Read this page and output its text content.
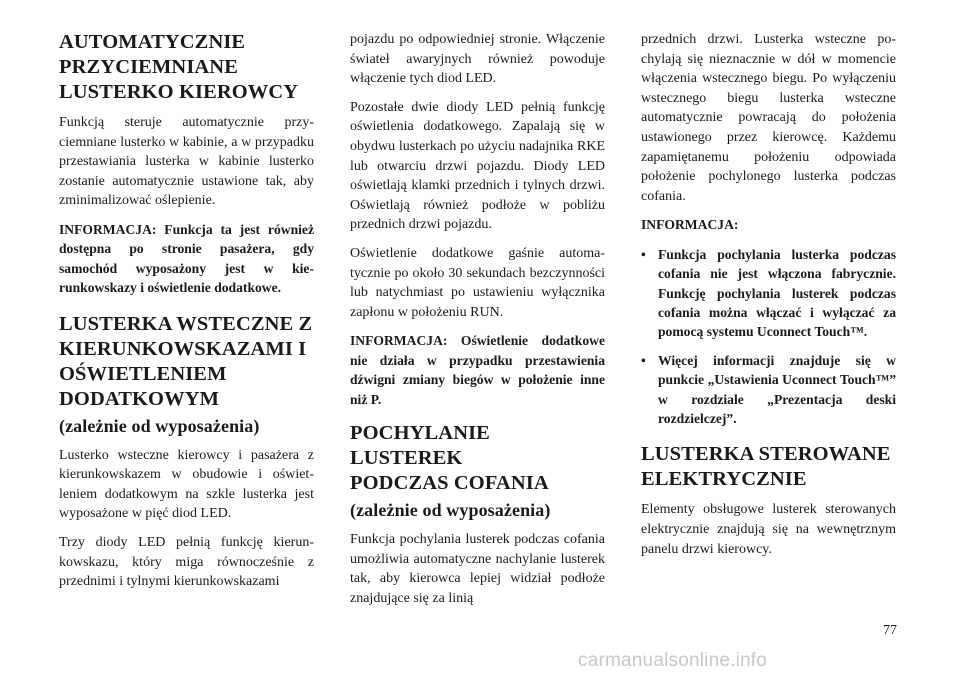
AUTOMATYCZNIE
PRZYCIEMNIANE
LUSTERKO KIEROWCY

Funkcją steruje automatycznie przyciemniane lusterko w kabinie, a w przypadku przestawiania lusterka w kabinie lusterko zostanie automatycznie ustawione tak, aby zminimalizować oślepienie.

INFORMACJA: Funkcja ta jest również dostępna po stronie pasażera, gdy samochód wyposażony jest w kierunkowskazy i oświetlenie dodatkowe.

LUSTERKA WSTECZNE Z
KIERUNKOWSKAZAMI I
OŚWIETLENIEM
DODATKOWYM
(zależnie od wyposażenia)

Lusterko wsteczne kierowcy i pasażera z kierunkowskazem w obudowie i oświetleniem dodatkowym na szkle lusterka jest wyposażone w pięć diod LED.

Trzy diody LED pełnią funkcję kierunkowskazu, który miga równocześnie z przednimi i tylnymi kierunkowskazami

pojazdu po odpowiedniej stronie. Włączenie świateł awaryjnych również powoduje włączenie tych diod LED.

Pozostałe dwie diody LED pełnią funkcję oświetlenia dodatkowego. Zapalają się w obydwu lusterkach po użyciu nadajnika RKE lub otwarciu drzwi pojazdu. Diody LED oświetlają klamki przednich i tylnych drzwi. Oświetlają również podłoże w pobliżu przednich drzwi pojazdu.

Oświetlenie dodatkowe gaśnie automatycznie po około 30 sekundach bezczynności lub natychmiast po ustawieniu wyłącznika zapłonu w położeniu RUN.

INFORMACJA: Oświetlenie dodatkowe nie działa w przypadku przestawienia dźwigni zmiany biegów w położenie inne niż P.

POCHYLANIE LUSTEREK
PODCZAS COFANIA
(zależnie od wyposażenia)

Funkcja pochylania lusterek podczas cofania umożliwia automatyczne nachylanie lusterek tak, aby kierowca lepiej widział podłoże znajdujące się za linią

przednich drzwi. Lusterka wsteczne pochylają się nieznacznie w dół w momencie włączenia wstecznego biegu. Po wyłączeniu wstecznego biegu lusterka wsteczne automatycznie powracają do położenia ustawionego przez kierowcę. Każdemu zapamiętanemu położeniu odpowiada położenie pochylonego lusterka podczas cofania.

INFORMACJA:

• Funkcja pochylania lusterka podczas cofania nie jest włączona fabrycznie. Funkcję pochylania lusterek podczas cofania można włączać i wyłączać za pomocą systemu Uconnect Touch™.
• Więcej informacji znajduje się w punkcie „Ustawienia Uconnect Touch™” w rozdziale „Prezentacja deski rozdzielczej”.
LUSTERKA STEROWANE
ELEKTRYCZNIE

Elementy obsługowe lusterek sterowanych elektrycznie znajdują się na wewnętrznym panelu drzwi kierowcy.

77
carmanualsonline.info
